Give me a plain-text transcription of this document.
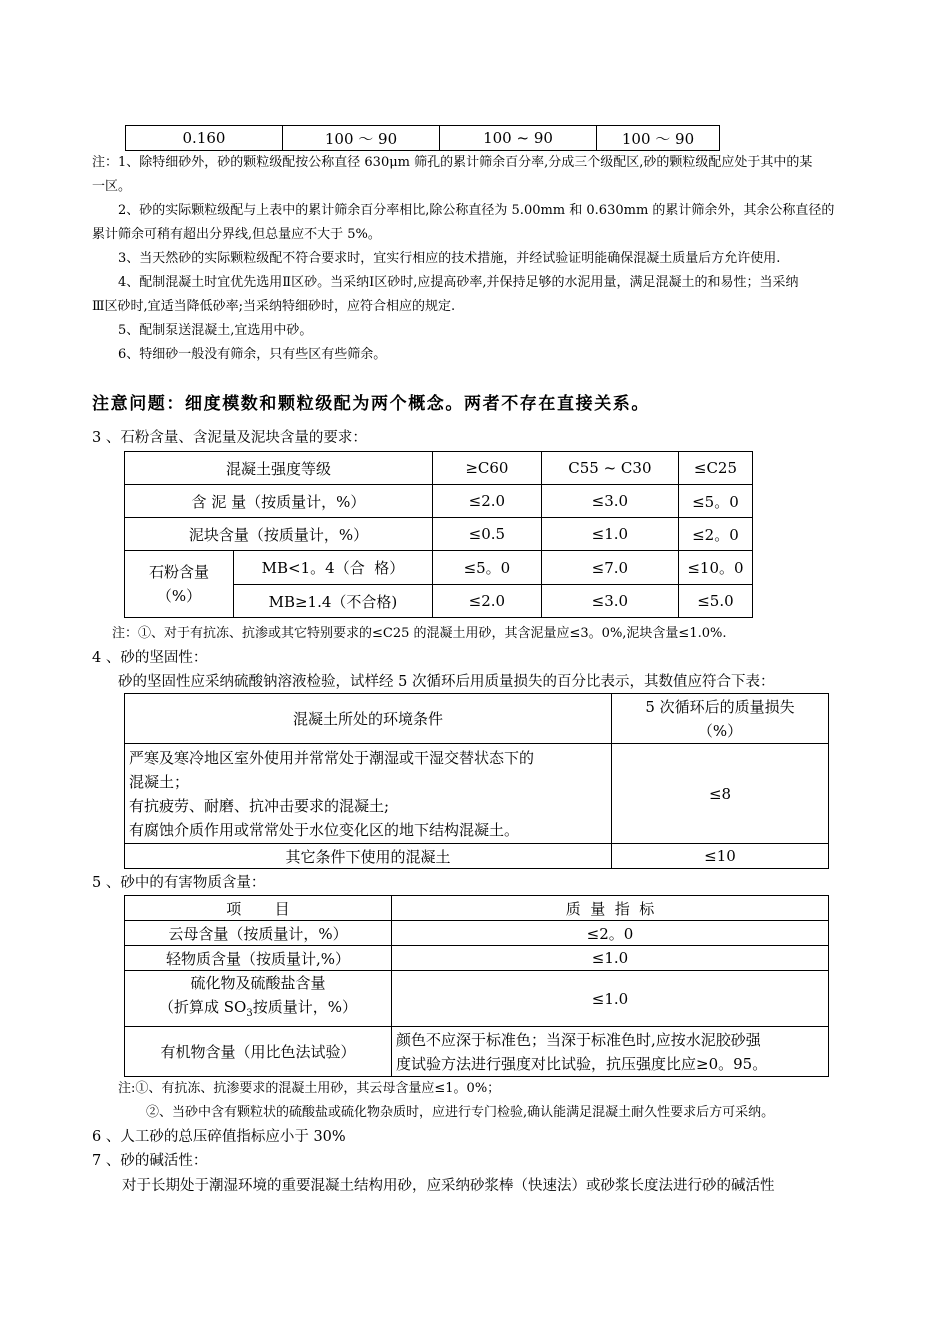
0.160	100 ～ 90	100 ~ 90	100 ～ 90
注：1、除特细砂外，砂的颗粒级配按公称直径 630μm 筛孔的累计筛余百分率,分成三个级配区,砂的颗粒级配应处于其中的某
一区。
2、砂的实际颗粒级配与上表中的累计筛余百分率相比,除公称直径为 5.00mm 和 0.630mm 的累计筛余外，其余公称直径的
累计筛余可稍有超出分界线,但总量应不大于 5%。
3、当天然砂的实际颗粒级配不符合要求时，宜实行相应的技术措施，并经试验证明能确保混凝土质量后方允许使用.
4、配制混凝土时宜优先选用Ⅱ区砂。当采纳Ⅰ区砂时,应提高砂率,并保持足够的水泥用量，满足混凝土的和易性；当采纳
Ⅲ区砂时,宜适当降低砂率;当采纳特细砂时，应符合相应的规定.
5、配制泵送混凝土,宜选用中砂。
6、特细砂一般没有筛余，只有些区有些筛余。
注意问题：细度模数和颗粒级配为两个概念。两者不存在直接关系。
3 、石粉含量、含泥量及泥块含量的要求：
混凝土强度等级		≥C60	C55 ~ C30	≤C25
含 泥 量（按质量计，%）		≤2.0	≤3.0	≤5。0
泥块含量（按质量计，%）		≤0.5	≤1.0	≤2。0

石粉含量
（%）	MB<1。4（合  格）	≤5。0	≤7.0	≤10。0
	MB≥1.4（不合格)	≤2.0	≤3.0	≤5.0
注：①、对于有抗冻、抗渗或其它特别要求的≤C25 的混凝土用砂，其含泥量应≤3。0%,泥块含量≤1.0%.
4 、砂的坚固性：
砂的坚固性应采纳硫酸钠溶液检验，试样经 5 次循环后用质量损失的百分比表示，其数值应符合下表：
混凝土所处的环境条件	5 次循环后的质量损失
（%）

严寒及寒冷地区室外使用并常常处于潮湿或干湿交替状态下的
混凝土；
有抗疲劳、耐磨、抗冲击要求的混凝土;
有腐蚀介质作用或常常处于水位变化区的地下结构混凝土。	≤8
其它条件下使用的混凝土	≤10
5 、砂中的有害物质含量：
项       目	质  量  指  标
云母含量（按质量计，%）	≤2。0
轻物质含量（按质量计,%）	≤1.0

硫化物及硫酸盐含量
（折算成 $SO_3$按质量计，%）	≤1.0
有机物含量（用比色法试验）	颜色不应深于标准色；当深于标准色时,应按水泥胶砂强
度试验方法进行强度对比试验，抗压强度比应≥0。95。
注:①、有抗冻、抗渗要求的混凝土用砂，其云母含量应≤1。0%；
②、当砂中含有颗粒状的硫酸盐或硫化物杂质时，应进行专门检验,确认能满足混凝土耐久性要求后方可采纳。
6 、人工砂的总压碎值指标应小于 30%
7 、砂的碱活性：
对于长期处于潮湿环境的重要混凝土结构用砂，应采纳砂浆棒（快速法）或砂浆长度法进行砂的碱活性
